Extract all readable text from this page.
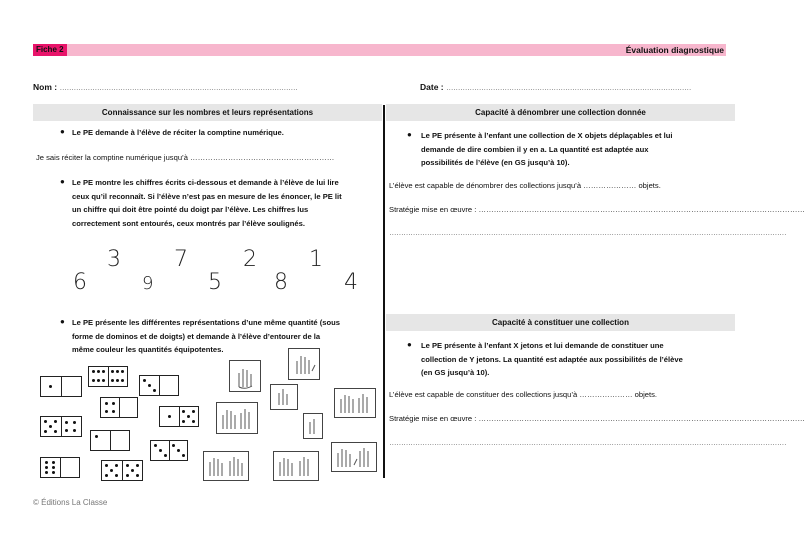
Fiche 2	Évaluation diagnostique
Nom : …………………………………………………………………………………………	Date : ……………………………………………………………………………………………
Connaissance sur les nombres et leurs représentations	Capacité à dénombrer une collection donnée
Capacité à constituer une collection
● Le PE demande à l’élève de réciter la comptine numérique.
Je sais réciter la comptine numérique jusqu’à …………………………………………………
● Le PE montre les chiffres écrits ci-dessous et demande à l’élève de lui lire
ceux qu’il reconnaît. Si l’élève n’est pas en mesure de les énoncer, le PE lit
un chiffre qui doit être pointé du doigt par l’élève. Les chiffres lus
correctement sont entourés, ceux montrés par l’élève soulignés.
3 7	2 1
6	9 5 8	4
● Le PE présente les différentes représentations d’une même quantité (sous
forme de dominos et de doigts) et demande à l’élève d’entourer de la
même couleur les quantités équipotentes.
● Le PE présente à l’enfant une collection de X objets déplaçables et lui
demande de dire combien il y en a. La quantité est adaptée aux
possibilités de l’élève (en GS jusqu’à 10).
L’élève est capable de dénombrer des collections jusqu’à ………………… objets.
Stratégie mise en œuvre : …………………………………………………………………………………………………………………
……………………………………………………………………………………………………………………………………………………
● Le PE présente à l’enfant X jetons et lui demande de constituer une
collection de Y jetons. La quantité est adaptée aux possibilités de l’élève
(en GS jusqu’à 10).
L’élève est capable de constituer des collections jusqu’à ………………… objets.
Stratégie mise en œuvre : …………………………………………………………………………………………………………………
……………………………………………………………………………………………………………………………………………………
© Éditions La Classe
